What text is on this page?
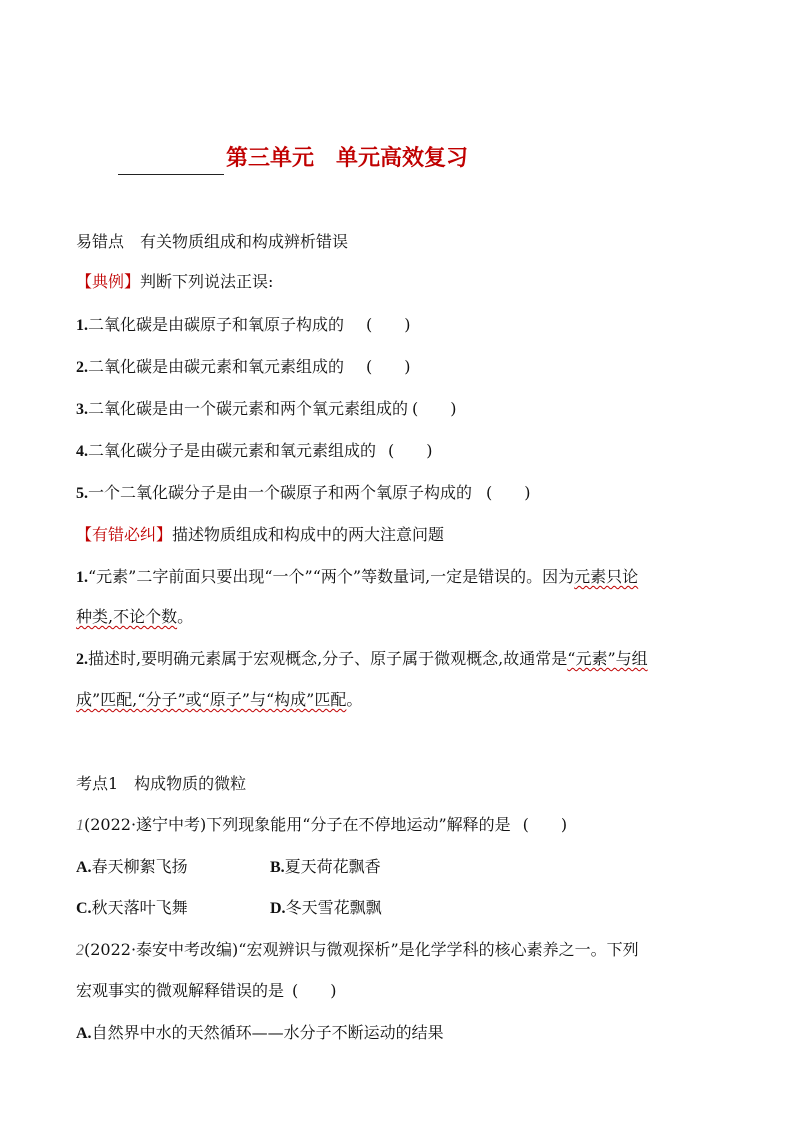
第三单元　单元高效复习
易错点　有关物质组成和构成辨析错误
【典例】判断下列说法正误:
1.二氧化碳是由碳原子和氧原子构成的 (　　)
2.二氧化碳是由碳元素和氧元素组成的 (　　)
3.二氧化碳是由一个碳元素和两个氧元素组成的 (　　)
4.二氧化碳分子是由碳元素和氧元素组成的 (　　)
5.一个二氧化碳分子是由一个碳原子和两个氧原子构成的 (　　)
【有错必纠】描述物质组成和构成中的两大注意问题
1.“元素”二字前面只要出现“一个”“两个”等数量词,一定是错误的。因为元素只论
种类,不论个数。
2.描述时,要明确元素属于宏观概念,分子、原子属于微观概念,故通常是“元素”与组
成”匹配,“分子”或“原子”与“构成”匹配。
考点1　构成物质的微粒
1(2022·遂宁中考)下列现象能用“分子在不停地运动”解释的是 (　　)
A.春天柳絮飞扬	B.夏天荷花飘香
C.秋天落叶飞舞	D.冬天雪花飘飘
2(2022·泰安中考改编)“宏观辨识与微观探析”是化学学科的核心素养之一。下列
宏观事实的微观解释错误的是 (　　)
A.自然界中水的天然循环——水分子不断运动的结果
